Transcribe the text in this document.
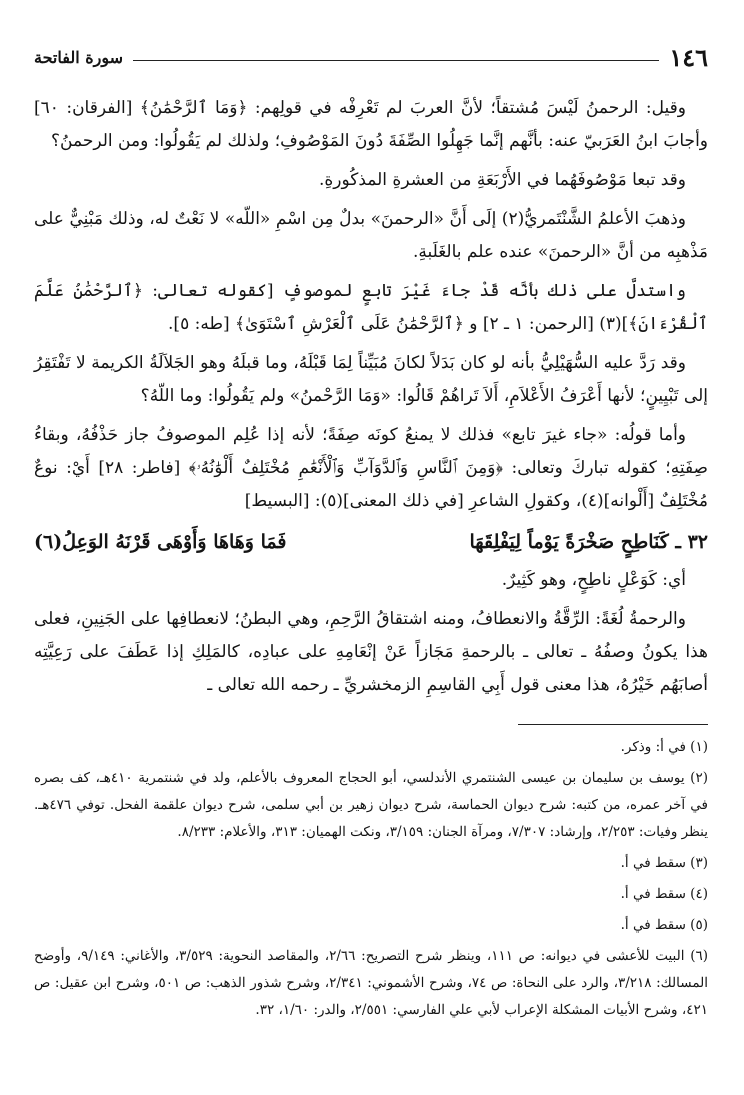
١٤٦
سورة الفاتحة

وقيل: الرحمنُ لَيْسَ مُشتقاً؛ لأنَّ العربَ لم تَعْرِفْه في قولِهم: ﴿وَمَا ٱلرَّحْمَٰنُ﴾ [الفرقان: ٦٠] وأجابَ ابنُ العَرَبيّ عنه: بأنَّهم إنَّما جَهِلُوا الصِّفَةَ دُونَ المَوْصُوفِ؛ ولذلك لم يَقُولُوا: ومن الرحمنُ؟

وقد تبعا مَوْصُوفَهُما في الأَرْبَعَةِ من العشرةِ المذكُورةِ.

وذهبَ الأعلمُ الشَّنْتَمريُّ(٢) إلَى أَنَّ «الرحمنَ» بدلٌ مِن اسْمِ «اللّه» لا نَعْتٌ له، وذلك مَبْنِيٌّ على مَذْهبِه من أنَّ «الرحمنَ» عنده علم بالغَلَبةِ.

واستدلَّ على ذلك بأنَّه قَدْ جاءَ غَيْرَ تابعٍ لموصوفٍ [كقوله تعالى: ﴿ٱلرَّحْمَٰنُ عَلَّمَ ٱلْقُرْءَانَ﴾](٣) [الرحمن: ١ ـ ٢] و ﴿ٱلرَّحْمَٰنُ عَلَى ٱلْعَرْشِ ٱسْتَوَىٰ﴾ [طه: ٥].

وقد رَدَّ عليه السُّهَيْلِيُّ بأنه لو كان بَدَلاً لكانَ مُبَيِّناً لِمَا قَبْلَهُ، وما قبلَهُ وهو الجَلاَلَةُ الكريمة لا تَفْتَقِرُ إلى تَبْيِينٍ؛ لأنها أَعْرَفُ الأَعْلاَمِ، أَلاَ تَراهُمْ قَالُوا: «وَمَا الرَّحْمنُ» ولم يَقُولُوا: وما اللّهُ؟

وأما قولُه: «جاء غيرَ تابع» فذلك لا يمنعُ كونَه صِفَةً؛ لأنه إذا عُلِم الموصوفُ جاز حَذْفُهُ، وبقاءُ صِفَتِهِ؛ كقوله تباركَ وتعالى: ﴿وَمِنَ ٱلنَّاسِ وَٱلدَّوَآبِّ وَٱلْأَنْعَٰمِ مُخْتَلِفٌ أَلْوَٰنُهُۥ﴾ [فاطر: ٢٨] أَيْ: نوعٌ مُخْتَلِفٌ [أَلْوانه](٤)، وكقولِ الشاعرِ [في ذلك المعنى](٥): [البسيط]

٣٢ ـ كَنَاطِحٍ صَخْرَةً يَوْماً لِيَفْلِقَهَا
فَمَا وَهَاهَا وَأَوْهَى قَرْنَهُ الوَعِلُ(٦)

أي: كَوَعْلٍ ناطِحٍ، وهو كَثِيرٌ.

والرحمةُ لُغَةً: الرِّقَّةُ والانعطافُ، ومنه اشتقاقُ الرَّحِمِ، وهي البطنُ؛ لانعطافِها على الجَنِينِ، فعلى هذا يكونُ وصفُهُ ـ تعالى ـ بالرحمةِ مَجَازاً عَنْ إنْعَامِهِ على عبادِه، كالمَلِكِ إذا عَطَفَ على رَعِيَّتِه أصابَهُم خَيْرُهُ، هذا معنى قول أَبِي القاسِمِ الزمخشريِّ ـ رحمه الله تعالى ـ

(١) في أ: وذكر.

(٢) يوسف بن سليمان بن عيسى الشنتمري الأندلسي، أبو الحجاج المعروف بالأعلم، ولد في شنتمرية ٤١٠هـ، كف بصره في آخر عمره، من كتبه: شرح ديوان الحماسة، شرح ديوان زهير بن أبي سلمى، شرح ديوان علقمة الفحل. توفي ٤٧٦هـ. ينظر وفيات: ٢/٢٥٣، وإرشاد: ٧/٣٠٧، ومرآة الجنان: ٣/١٥٩، ونكت الهميان: ٣١٣، والأعلام: ٨/٢٣٣.

(٣) سقط في أ.

(٤) سقط في أ.

(٥) سقط في أ.

(٦) البيت للأعشى في ديوانه: ص ١١١، وينظر شرح التصريح: ٢/٦٦، والمقاصد النحوية: ٣/٥٢٩، والأغاني: ٩/١٤٩، وأوضح المسالك: ٣/٢١٨، والرد على النحاة: ص ٧٤، وشرح الأشموني: ٢/٣٤١، وشرح شذور الذهب: ص ٥٠١، وشرح ابن عقيل: ص ٤٢١، وشرح الأبيات المشكلة الإعراب لأبي علي الفارسي: ٢/٥٥١، والدر: ١/٦٠، ٣٢.
